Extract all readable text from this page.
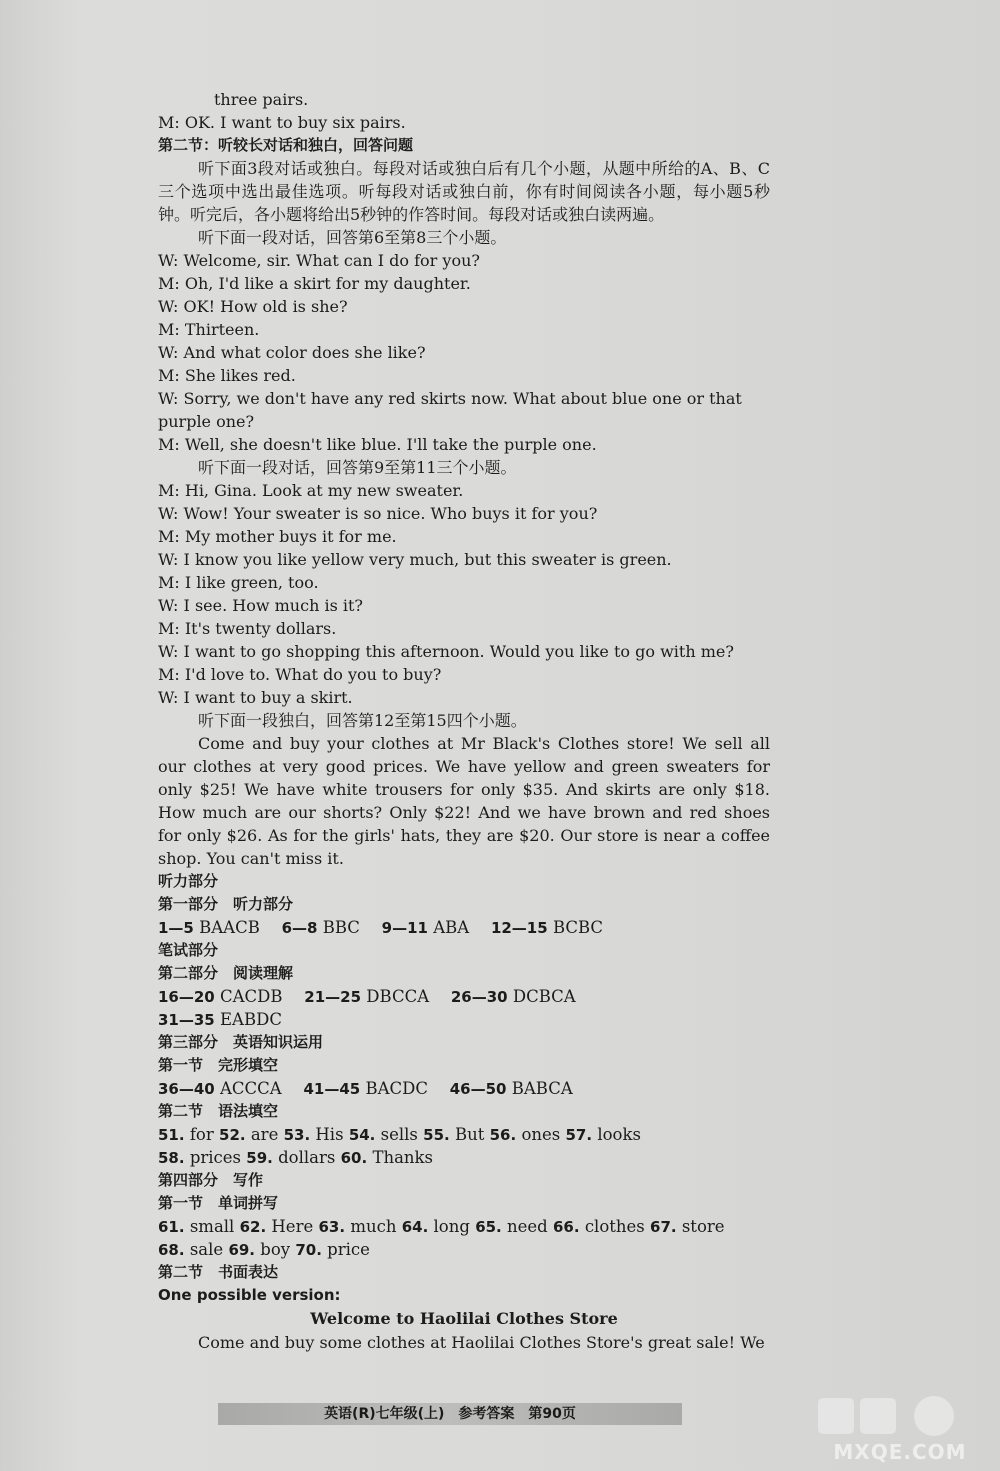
three pairs.
M: OK. I want to buy six pairs.
第二节：听较长对话和独白，回答问题
听下面3段对话或独白。每段对话或独白后有几个小题，从题中所给的A、B、C三个选项中选出最佳选项。听每段对话或独白前，你有时间阅读各小题，每小题5秒钟。听完后，各小题将给出5秒钟的作答时间。每段对话或独白读两遍。
听下面一段对话，回答第6至第8三个小题。
W: Welcome, sir. What can I do for you?
M: Oh, I'd like a skirt for my daughter.
W: OK! How old is she?
M: Thirteen.
W: And what color does she like?
M: She likes red.
W: Sorry, we don't have any red skirts now. What about blue one or that
purple one?
M: Well, she doesn't like blue. I'll take the purple one.
听下面一段对话，回答第9至第11三个小题。
M: Hi, Gina. Look at my new sweater.
W: Wow! Your sweater is so nice. Who buys it for you?
M: My mother buys it for me.
W: I know you like yellow very much, but this sweater is green.
M: I like green, too.
W: I see. How much is it?
M: It's twenty dollars.
W: I want to go shopping this afternoon. Would you like to go with me?
M: I'd love to. What do you to buy?
W: I want to buy a skirt.
听下面一段独白，回答第12至第15四个小题。
Come and buy your clothes at Mr Black's Clothes store! We sell all our clothes at very good prices. We have yellow and green sweaters for only $25! We have white trousers for only $35. And skirts are only $18. How much are our shorts? Only $22! And we have brown and red shoes for only $26. As for the girls' hats, they are $20. Our store is near a coffee shop. You can't miss it.
听力部分
第一部分　听力部分
1—5 BAACB　 6—8 BBC　 9—11 ABA　 12—15 BCBC
笔试部分
第二部分　阅读理解
16—20 CACDB　 21—25 DBCCA　 26—30 DCBCA
31—35 EABDC
第三部分　英语知识运用
第一节　完形填空
36—40 ACCCA　 41—45 BACDC　 46—50 BABCA
第二节　语法填空
51. for 52. are 53. His 54. sells 55. But 56. ones 57. looks
58. prices 59. dollars 60. Thanks
第四部分　写作
第一节　单词拼写
61. small 62. Here 63. much 64. long 65. need 66. clothes 67. store
68. sale 69. boy 70. price
第二节　书面表达
One possible version:
Welcome to Haolilai Clothes Store
Come and buy some clothes at Haolilai Clothes Store's great sale! We
英语(R)七年级(上)　参考答案　第90页
MXQE.COM
